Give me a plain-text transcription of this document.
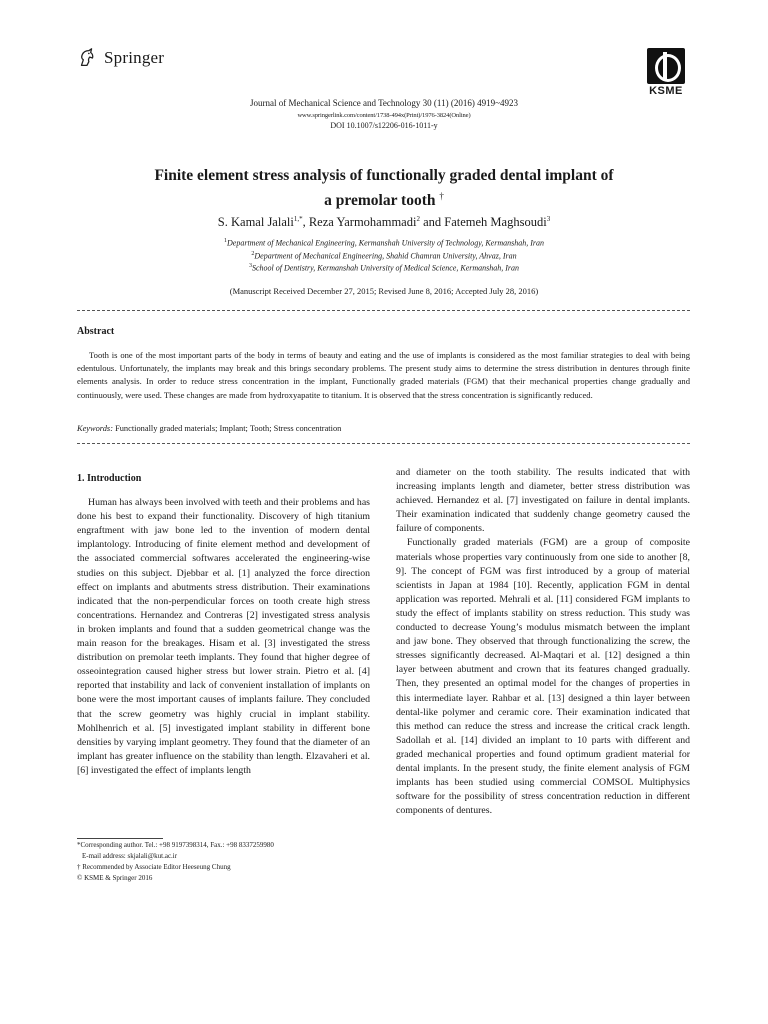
Springer
KSME
Journal of Mechanical Science and Technology 30 (11) (2016) 4919~4923
www.springerlink.com/content/1738-494x(Print)/1976-3824(Online)
DOI 10.1007/s12206-016-1011-y
Finite element stress analysis of functionally graded dental implant of
a premolar tooth †
S. Kamal Jalali$^{1,*}$, Reza Yarmohammadi$^2$ and Fatemeh Maghsoudi$^3$
$^1$Department of Mechanical Engineering, Kermanshah University of Technology, Kermanshah, Iran
$^2$Department of Mechanical Engineering, Shahid Chamran University, Ahvaz, Iran
$^3$School of Dentistry, Kermanshah University of Medical Science, Kermanshah, Iran
(Manuscript Received December 27, 2015; Revised June 8, 2016; Accepted July 28, 2016)
Abstract

Tooth is one of the most important parts of the body in terms of beauty and eating and the use of implants is considered as the most familiar strategies to deal with being edentulous. Unfortunately, the implants may break and this brings secondary problems. The present study aims to determine the stress distribution in dentures through finite elements analysis. In order to reduce stress concentration in the implant, Functionally graded materials (FGM) that their mechanical properties change gradually and continuously, were used. These changes are made from hydroxyapatite to titanium. It is observed that the stress concentration is significantly reduced.

Keywords: Functionally graded materials; Implant; Tooth; Stress concentration
1. Introduction

Human has always been involved with teeth and their problems and has done his best to expand their functionality. Discovery of high titanium engraftment with jaw bone led to the invention of modern dental implantology. Introducing of finite element method and development of the associated commercial softwares accelerated the engineering-wise studies on this subject. Djebbar et al. [1] analyzed the force direction effect on implants and abutments stress distribution. Their examinations indicated that the non-perpendicular forces on tooth create high stress concentrations. Hernandez and Contreras [2] investigated stress analysis in broken implants and found that a sudden geometrical change was the main reason for the breakages. Hisam et al. [3] investigated the stress distribution on premolar teeth implants. They found that higher degree of osseointegration caused higher stress but lower strain. Pietro et al. [4] reported that instability and lack of convenient installation of implants on bone were the most important causes of implants failure. They concluded that the screw geometry was highly crucial in implant stability. Mohlhenrich et al. [5] investigated implant stability in different bone densities by varying implant geometry. They found that the diameter of an implant has greater influence on the stability than length. Elzavaheri et al. [6] investigated the effect of implants length

and diameter on the tooth stability. The results indicated that with increasing implants length and diameter, better stress distribution was achieved. Hernandez et al. [7] investigated on failure in dental implants. Their examination indicated that suddenly change geometry caused the failure of components.

Functionally graded materials (FGM) are a group of composite materials whose properties vary continuously from one side to another [8, 9]. The concept of FGM was first introduced by a group of material scientists in Japan at 1984 [10]. Recently, application FGM in dental application was reported. Mehrali et al. [11] considered FGM implants to study the effect of implants stability on stress reduction. This study was conducted to decrease Young’s modulus mismatch between the implant and jaw bone. They observed that through functionalizing the screw, the stresses significantly decreased. Al-Maqtari et al. [12] designed a thin layer between abutment and crown that its features changed gradually. Then, they presented an optimal model for the changes of properties in this intermediate layer. Rahbar et al. [13] designed a thin layer between dental-like polymer and ceramic core. Their examination indicated that this method can reduce the stress and increase the critical crack length. Sadollah et al. [14] divided an implant to 10 parts with different and graded mechanical properties and found optimum gradient material for dental implants. In the present study, the finite element analysis of FGM implants has been studied using commercial COMSOL Multiphysics software for the possibility of stress concentration reduction in different components of dentures.

*Corresponding author. Tel.: +98 9197398314, Fax.: +98 8337259980
E-mail address: skjalali@kut.ac.ir
† Recommended by Associate Editor Heeseung Chung
© KSME & Springer 2016
